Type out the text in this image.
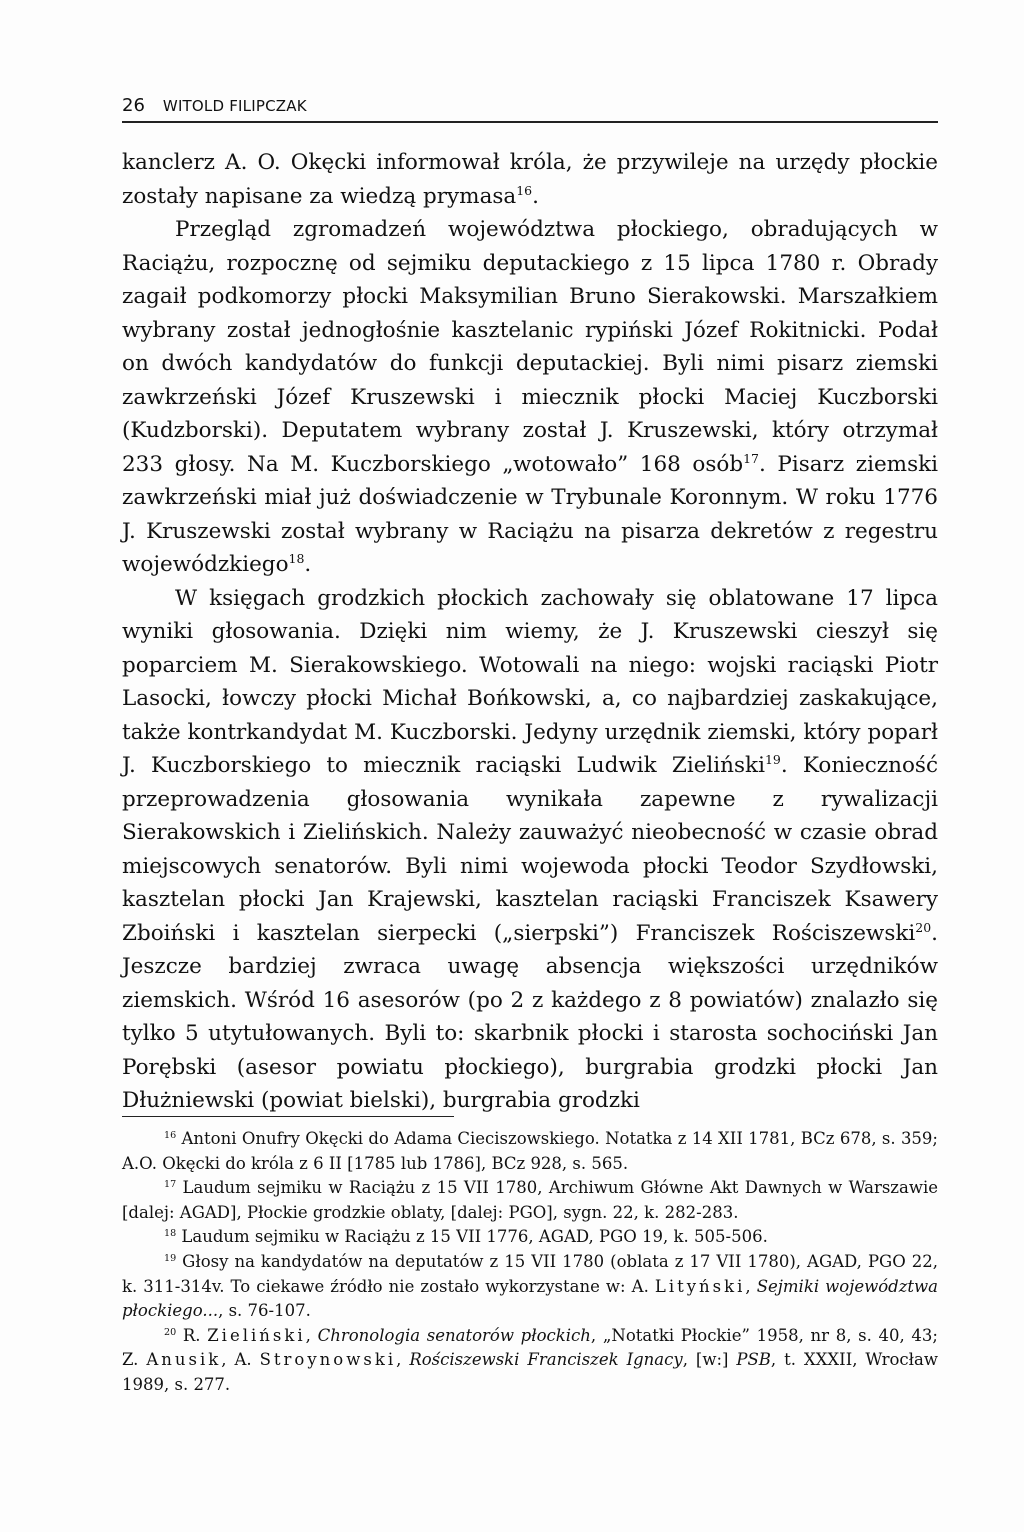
26 WITOLD FILIPCZAK

kanclerz A. O. Okęcki informował króla, że przywileje na urzędy płockie zostały napisane za wiedzą prymasa$^{16}$.

Przegląd zgromadzeń województwa płockiego, obradujących w Raciążu, rozpocznę od sejmiku deputackiego z 15 lipca 1780 r. Obrady zagaił podkomorzy płocki Maksymilian Bruno Sierakowski. Marszałkiem wybrany został jednogłośnie kasztelanic rypiński Józef Rokitnicki. Podał on dwóch kandydatów do funkcji deputackiej. Byli nimi pisarz ziemski zawkrzeński Józef Kruszewski i miecznik płocki Maciej Kuczborski (Kudzborski). Deputatem wybrany został J. Kruszewski, który otrzymał 233 głosy. Na M. Kuczborskiego „wotowało” 168 osób$^{17}$. Pisarz ziemski zawkrzeński miał już doświadczenie w Trybunale Koronnym. W roku 1776 J. Kruszewski został wybrany w Raciążu na pisarza dekretów z regestru wojewódzkiego$^{18}$.

W księgach grodzkich płockich zachowały się oblatowane 17 lipca wyniki głosowania. Dzięki nim wiemy, że J. Kruszewski cieszył się poparciem M. Sierakowskiego. Wotowali na niego: wojski raciąski Piotr Lasocki, łowczy płocki Michał Bońkowski, a, co najbardziej zaskakujące, także kontrkandydat M. Kuczborski. Jedyny urzędnik ziemski, który poparł J. Kuczborskiego to miecznik raciąski Ludwik Zieliński$^{19}$. Konieczność przeprowadzenia głosowania wynikała zapewne z rywalizacji Sierakowskich i Zielińskich. Należy zauważyć nieobecność w czasie obrad miejscowych senatorów. Byli nimi wojewoda płocki Teodor Szydłowski, kasztelan płocki Jan Krajewski, kasztelan raciąski Franciszek Ksawery Zboiński i kasztelan sierpecki („sierpski”) Franciszek Rościszewski$^{20}$. Jeszcze bardziej zwraca uwagę absencja większości urzędników ziemskich. Wśród 16 asesorów (po 2 z każdego z 8 powiatów) znalazło się tylko 5 utytułowanych. Byli to: skarbnik płocki i starosta sochociński Jan Porębski (asesor powiatu płockiego), burgrabia grodzki płocki Jan Dłużniewski (powiat bielski), burgrabia grodzki

$^{16}$ Antoni Onufry Okęcki do Adama Cieciszowskiego. Notatka z 14 XII 1781, BCz 678, s. 359; A.O. Okęcki do króla z 6 II [1785 lub 1786], BCz 928, s. 565.

$^{17}$ Laudum sejmiku w Raciążu z 15 VII 1780, Archiwum Główne Akt Dawnych w Warszawie [dalej: AGAD], Płockie grodzkie oblaty, [dalej: PGO], sygn. 22, k. 282-283.

$^{18}$ Laudum sejmiku w Raciążu z 15 VII 1776, AGAD, PGO 19, k. 505-506.

$^{19}$ Głosy na kandydatów na deputatów z 15 VII 1780 (oblata z 17 VII 1780), AGAD, PGO 22, k. 311-314v. To ciekawe źródło nie zostało wykorzystane w: A. Lityński, Sejmiki województwa płockiego..., s. 76-107.

$^{20}$ R. Zieliński, Chronologia senatorów płockich, „Notatki Płockie” 1958, nr 8, s. 40, 43; Z. Anusik, A. Stroynowski, Rościszewski Franciszek Ignacy, [w:] PSB, t. XXXII, Wrocław 1989, s. 277.
